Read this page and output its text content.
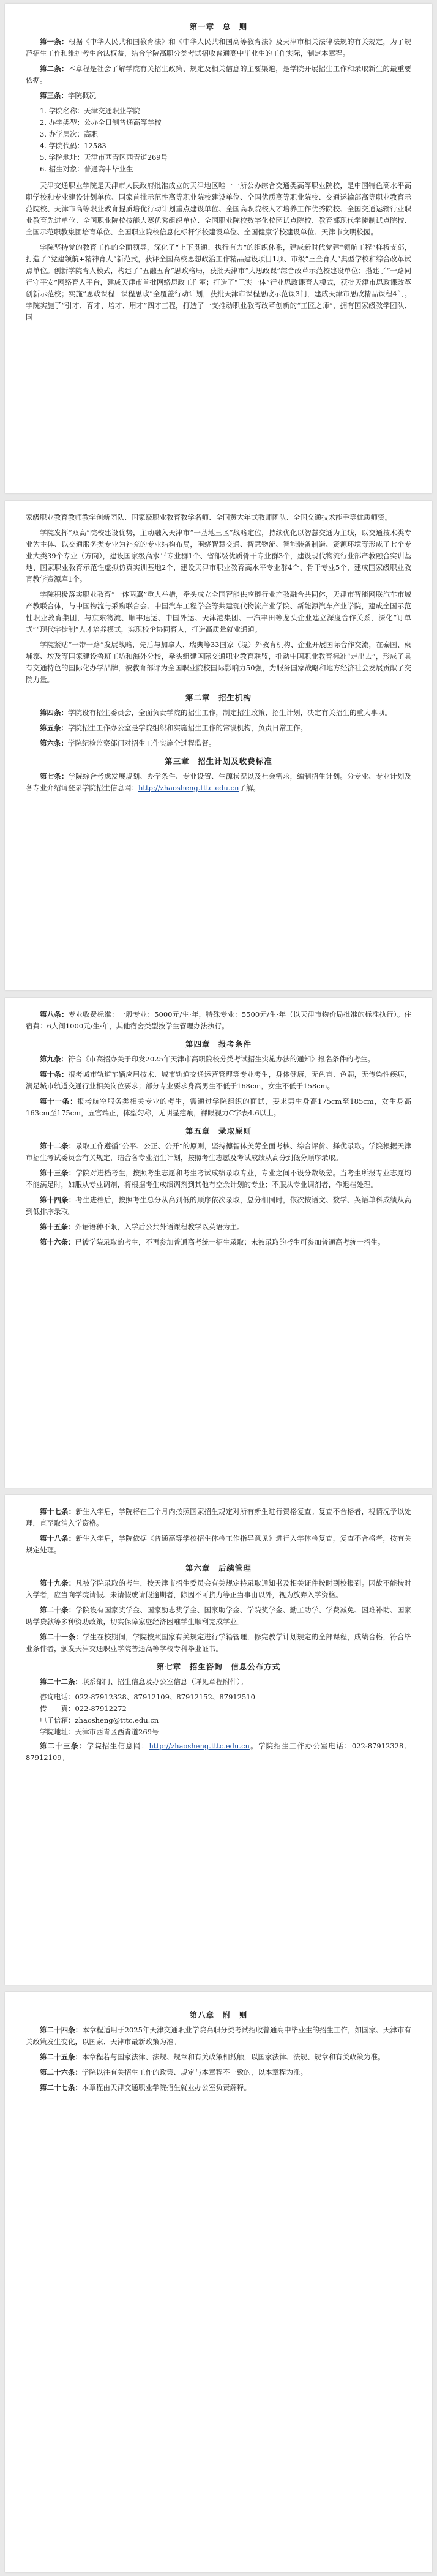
第一章　总　则

第一条：根据《中华人民共和国教育法》和《中华人民共和国高等教育法》及天津市相关法律法规的有关规定，为了规范招生工作和维护考生合法权益，结合学院高职分类考试招收普通高中毕业生的工作实际，制定本章程。

第二条：本章程是社会了解学院有关招生政策、规定及相关信息的主要渠道，是学院开展招生工作和录取新生的最重要依据。

第三条：学院概况

1. 学院名称：天津交通职业学院
2. 办学类型：公办全日制普通高等学校
3. 办学层次：高职
4. 学院代码：12583
5. 学院地址：天津市西青区西青道269号
6. 招生对象：普通高中毕业生

天津交通职业学院是天津市人民政府批准成立的天津地区唯一一所公办综合交通类高等职业院校，是中国特色高水平高职学校和专业建设计划单位、国家首批示范性高等职业院校建设单位、全国优质高等职业院校、交通运输部高等职业教育示范院校、天津市高等职业教育提质培优行动计划重点建设单位、全国高职院校人才培养工作优秀院校、全国交通运输行业职业教育先进单位、全国职业院校技能大赛优秀组织单位、全国职业院校数字化校园试点院校、教育部现代学徒制试点院校、全国示范职教集团培育单位、全国职业院校信息化标杆学校建设单位、全国健康学校建设单位、天津市文明校园。

学院坚持党的教育工作的全面领导，深化了“上下贯通、执行有力”的组织体系，建成新时代党建“领航工程”样板支部，打造了“党建领航+精神育人”新范式，获评全国高校思想政治工作精品建设项目1项、市级“三全育人”典型学校和综合改革试点单位。创新学院育人模式，构建了“五融五育”思政格局，获批天津市“大思政课”综合改革示范校建设单位；搭建了“一路同行守平安”网络育人平台，建成天津市首批网络思政工作室；打造了“三实一体”行业思政课育人模式，获批天津市思政课改革创新示范校；实施“思政课程+课程思政”全覆盖行动计划，获批天津市课程思政示范课3门，建成天津市思政精品课程4门。学院实施了“引才、育才、培才、用才”四才工程，打造了一支推动职业教育改革创新的“工匠之师”，拥有国家级教学团队、国

家级职业教育教师教学创新团队、国家级职业教育教学名师、全国黄大年式教师团队、全国交通技术能手等优质师资。

学院发挥“双高”院校建设优势，主动融入天津市“一基地三区”战略定位，持续优化以智慧交通为主线，以交通技术类专业为主体、以交通服务类专业为补充的专业结构布局，围绕智慧交通、智慧物流、智能装备制造、资源环境等形成了七个专业大类39个专业（方向），建设国家级高水平专业群1个、省部级优质骨干专业群3个，建设现代物流行业部产教融合实训基地、国家职业教育示范性虚拟仿真实训基地2个，建设天津市职业教育高水平专业群4个、骨干专业5个，建成国家级职业教育教学资源库1个。

学院积极落实职业教育“一体两翼”重大举措，牵头成立全国智能供应链行业产教融合共同体，天津市智能网联汽车市域产教联合体，与中国物流与采购联合会、中国汽车工程学会等共建现代物流产业学院、新能源汽车产业学院，建成全国示范性职业教育集团，与京东物流、顺丰速运、中国外运、天津港集团、一汽丰田等龙头企业建立深度合作关系，深化“订单式”“现代学徒制”人才培养模式，实现校企协同育人，打造高质量就业通道。

学院紧贴“一带一路”发展战略，先后与加拿大、瑞典等33国家（境）外教育机构、企业开展国际合作交流，在泰国、柬埔寨、埃及等国家建设鲁班工坊和海外分校，牵头组建国际交通职业教育联盟，推动中国职业教育标准“走出去”，形成了具有交通特色的国际化办学品牌，被教育部评为全国职业院校国际影响力50强，为服务国家战略和地方经济社会发展贡献了交院力量。

第二章　招生机构

第四条：学院设有招生委员会，全面负责学院的招生工作，制定招生政策、招生计划，决定有关招生的重大事项。

第五条：学院招生工作办公室是学院组织和实施招生工作的常设机构，负责日常工作。

第六条：学院纪检监察部门对招生工作实施全过程监督。

第三章　招生计划及收费标准

第七条：学院综合考虑发展规划、办学条件、专业设置、生源状况以及社会需求，编制招生计划。分专业、专业计划及各专业介绍请登录学院招生信息网：http://zhaosheng.tttc.edu.cn了解。

第八条：专业收费标准：一般专业：5000元/生·年，特殊专业：5500元/生·年（以天津市物价局批准的标准执行）。住宿费：6人间1000元/生·年，其他宿舍类型按学生管理办法执行。

第四章　报考条件

第九条：符合《市高招办关于印发2025年天津市高职院校分类考试招生实施办法的通知》报名条件的考生。

第十条：报考城市轨道车辆应用技术、城市轨道交通运营管理等专业考生，身体健康，无色盲、色弱，无传染性疾病，满足城市轨道交通行业相关岗位要求；部分专业要求身高男生不低于168cm，女生不低于158cm。

第十一条：报考航空服务类相关专业的考生，需通过学院组织的面试，要求男生身高175cm至185cm，女生身高163cm至175cm，五官端正，体型匀称，无明显疤痕，裸眼视力C字表4.6以上。

第五章　录取原则

第十二条：录取工作遵循“公平、公正、公开”的原则，坚持德智体美劳全面考核、综合评价、择优录取。学院根据天津市招生考试委员会有关规定，结合各专业招生计划，按照考生志愿及考试成绩从高分到低分顺序录取。

第十三条：学院对进档考生，按照考生志愿和考生考试成绩录取专业，专业之间不设分数级差。当考生所报专业志愿均不能满足时，如服从专业调剂，将根据考生成绩调剂到其他有空余计划的专业；不服从专业调剂者，作退档处理。

第十四条：考生进档后，按照考生总分从高到低的顺序依次录取，总分相同时，依次按语文、数学、英语单科成绩从高到低排序录取。

第十五条：外语语种不限，入学后公共外语课程教学以英语为主。

第十六条：已被学院录取的考生，不再参加普通高考统一招生录取；未被录取的考生可参加普通高考统一招生。

第十七条：新生入学后，学院将在三个月内按照国家招生规定对所有新生进行资格复查。复查不合格者，视情况予以处理，直至取消入学资格。

第十八条：新生入学后，学院依据《普通高等学校招生体检工作指导意见》进行入学体检复查，复查不合格者，按有关规定处理。

第六章　后续管理

第十九条：凡被学院录取的考生，按天津市招生委员会有关规定持录取通知书及相关证件按时到校报到。因故不能按时入学者，应当向学院请假。未请假或请假逾期者，除因不可抗力等正当事由以外，视为放弃入学资格。

第二十条：学院设有国家奖学金、国家励志奖学金、国家助学金、学院奖学金、勤工助学、学费减免、困难补助、国家助学贷款等多种资助政策，切实保障家庭经济困难学生顺利完成学业。

第二十一条：学生在校期间，学院按照国家有关规定进行学籍管理，修完教学计划规定的全部课程，成绩合格，符合毕业条件者，颁发天津交通职业学院普通高等学校专科毕业证书。

第七章　招生咨询　信息公布方式

第二十二条：联系部门、招生信息及办公室信息（详见章程附件）。

咨询电话：022-87912328、87912109、87912152、87912510
传　　真：022-87912272
电子信箱：zhaosheng@tttc.edu.cn
学院地址：天津市西青区西青道269号

第二十三条：学院招生信息网：http://zhaosheng.tttc.edu.cn。学院招生工作办公室电话：022-87912328、87912109。

第八章　附　则

第二十四条：本章程适用于2025年天津交通职业学院高职分类考试招收普通高中毕业生的招生工作，如国家、天津市有关政策发生变化，以国家、天津市最新政策为准。

第二十五条：本章程若与国家法律、法规、规章和有关政策相抵触，以国家法律、法规、规章和有关政策为准。

第二十六条：学院以往有关招生工作的政策、规定与本章程不一致的，以本章程为准。

第二十七条：本章程由天津交通职业学院招生就业办公室负责解释。
